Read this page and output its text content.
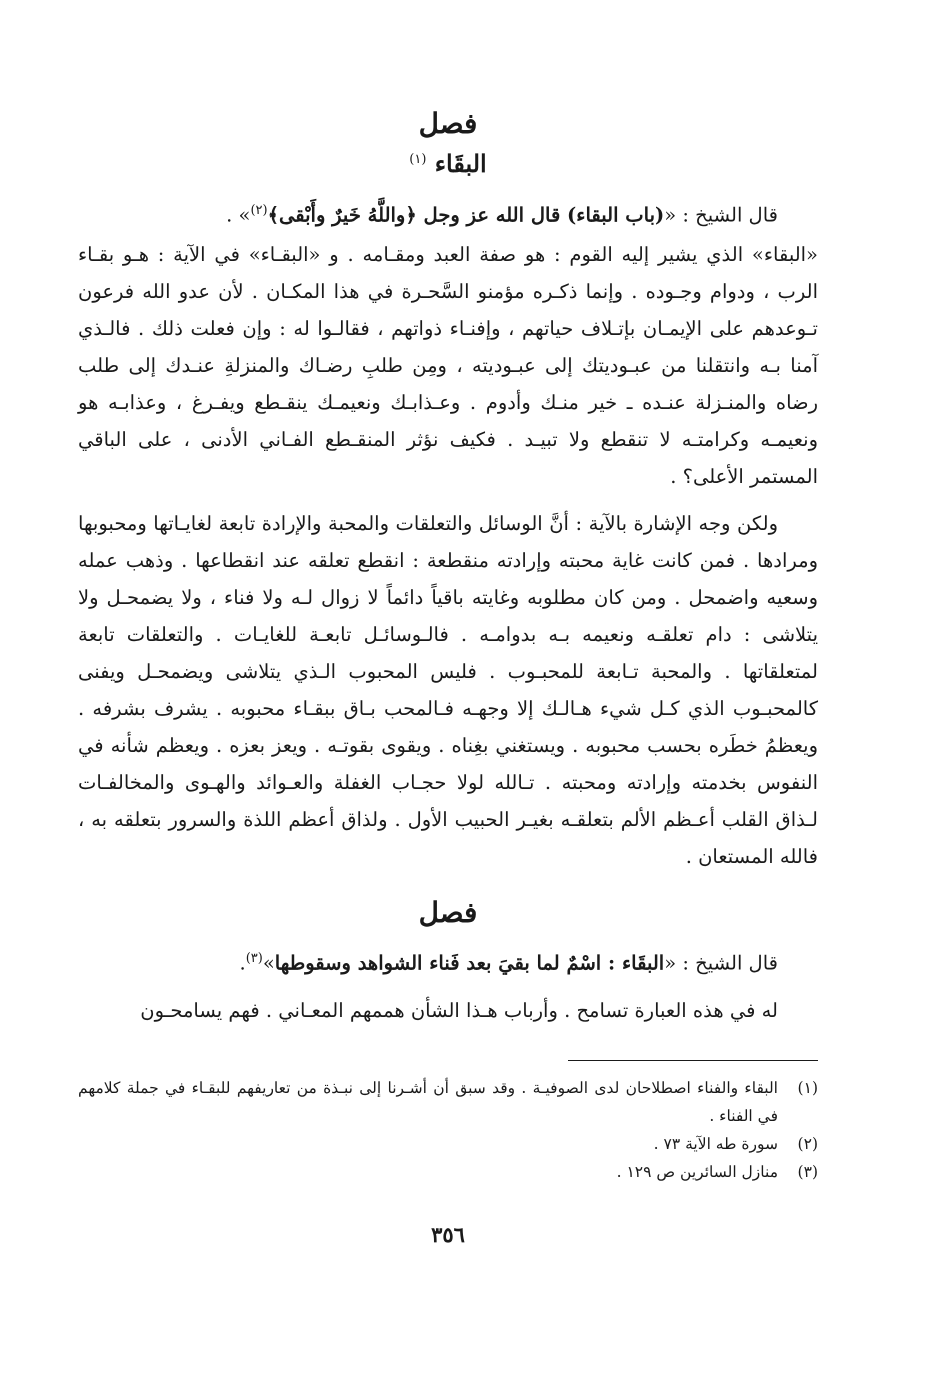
فصل
البقَاء $^{(١)}$

قال الشيخ : «(باب البقاء) قال الله عز وجل ﴿واللَّهُ خَيرٌ وأَبْقى﴾$^{(٢)}$» .

«البقاء» الذي يشير إليه القوم : هو صفة العبد ومقـامه . و «البقـاء» في الآية : هـو بقـاء الرب ، ودوام وجـوده . وإنما ذكـره مؤمنو السَّحـرة في هذا المكـان . لأن عدو الله فرعون تـوعدهم على الإيمـان بإتـلاف حياتهم ، وإفنـاء ذواتهم ، فقالـوا له : وإن فعلت ذلك . فالـذي آمنا بـه وانتقلنا من عبـوديتك إلى عبـوديته ، ومِن طلبِ رضـاك والمنزلةِ عنـدك إلى طلب رضاه والمنـزلة عنـده ـ خير منـك وأدوم . وعـذابـك ونعيمـك ينقـطع ويفـرغ ، وعذابـه هو ونعيمـه وكرامتـه لا تنقطع ولا تبيـد . فكيف نؤثر المنقـطع الفـاني الأدنى ، على الباقي المستمر الأعلى؟ .

ولكن وجه الإشارة بالآية : أنَّ الوسائل والتعلقات والمحبة والإرادة تابعة لغايـاتها ومحبوبها ومرادها . فمن كانت غاية محبته وإرادته منقطعة : انقطع تعلقه عند انقطاعها . وذهب عمله وسعيه واضمحل . ومن كان مطلوبه وغايته باقياً دائماً لا زوال لـه ولا فناء ، ولا يضمحـل ولا يتلاشى : دام تعلقـه ونعيمه بـه بدوامـه . فالـوسائـل تابعـة للغايـات . والتعلقات تابعة لمتعلقاتها . والمحبة تـابعة للمحبـوب . فليس المحبوب الـذي يتلاشى ويضمحـل ويفنى كالمحبـوب الذي كـل شيء هـالـك إلا وجهـه فـالمحب بـاق ببقـاء محبوبه . يشرف بشرفه . ويعظمُ خطَره بحسب محبوبه . ويستغني بغِناه . ويقوى بقوتـه . ويعز بعزه . ويعظم شأنه في النفوس بخدمته وإرادته ومحبته . تـالله لولا حجـاب الغفلة والعـوائد والهـوى والمخالفـات لـذاق القلب أعـظم الألم بتعلقـه بغيـر الحبيب الأول . ولذاق أعظم اللذة والسرور بتعلقه به ، فالله المستعان .

فصل

قال الشيخ : «البقَاء : اسْمٌ لما بقيَ بعد فَناء الشواهد وسقوطها»$^{(٣)}$.

له في هذه العبارة تسامح . وأرباب هـذا الشأن هممهم المعـاني . فهم يسامحـون

(١)
البقاء والفناء اصطلاحان لدى الصوفيـة . وقد سبق أن أشـرنا إلى نبـذة من تعاريفهم للبقـاء في جملة كلامهم في الفناء .

(٢)
سورة طه الآية ٧٣ .

(٣)
منازل السائرين ص ١٢٩ .

٣٥٦
